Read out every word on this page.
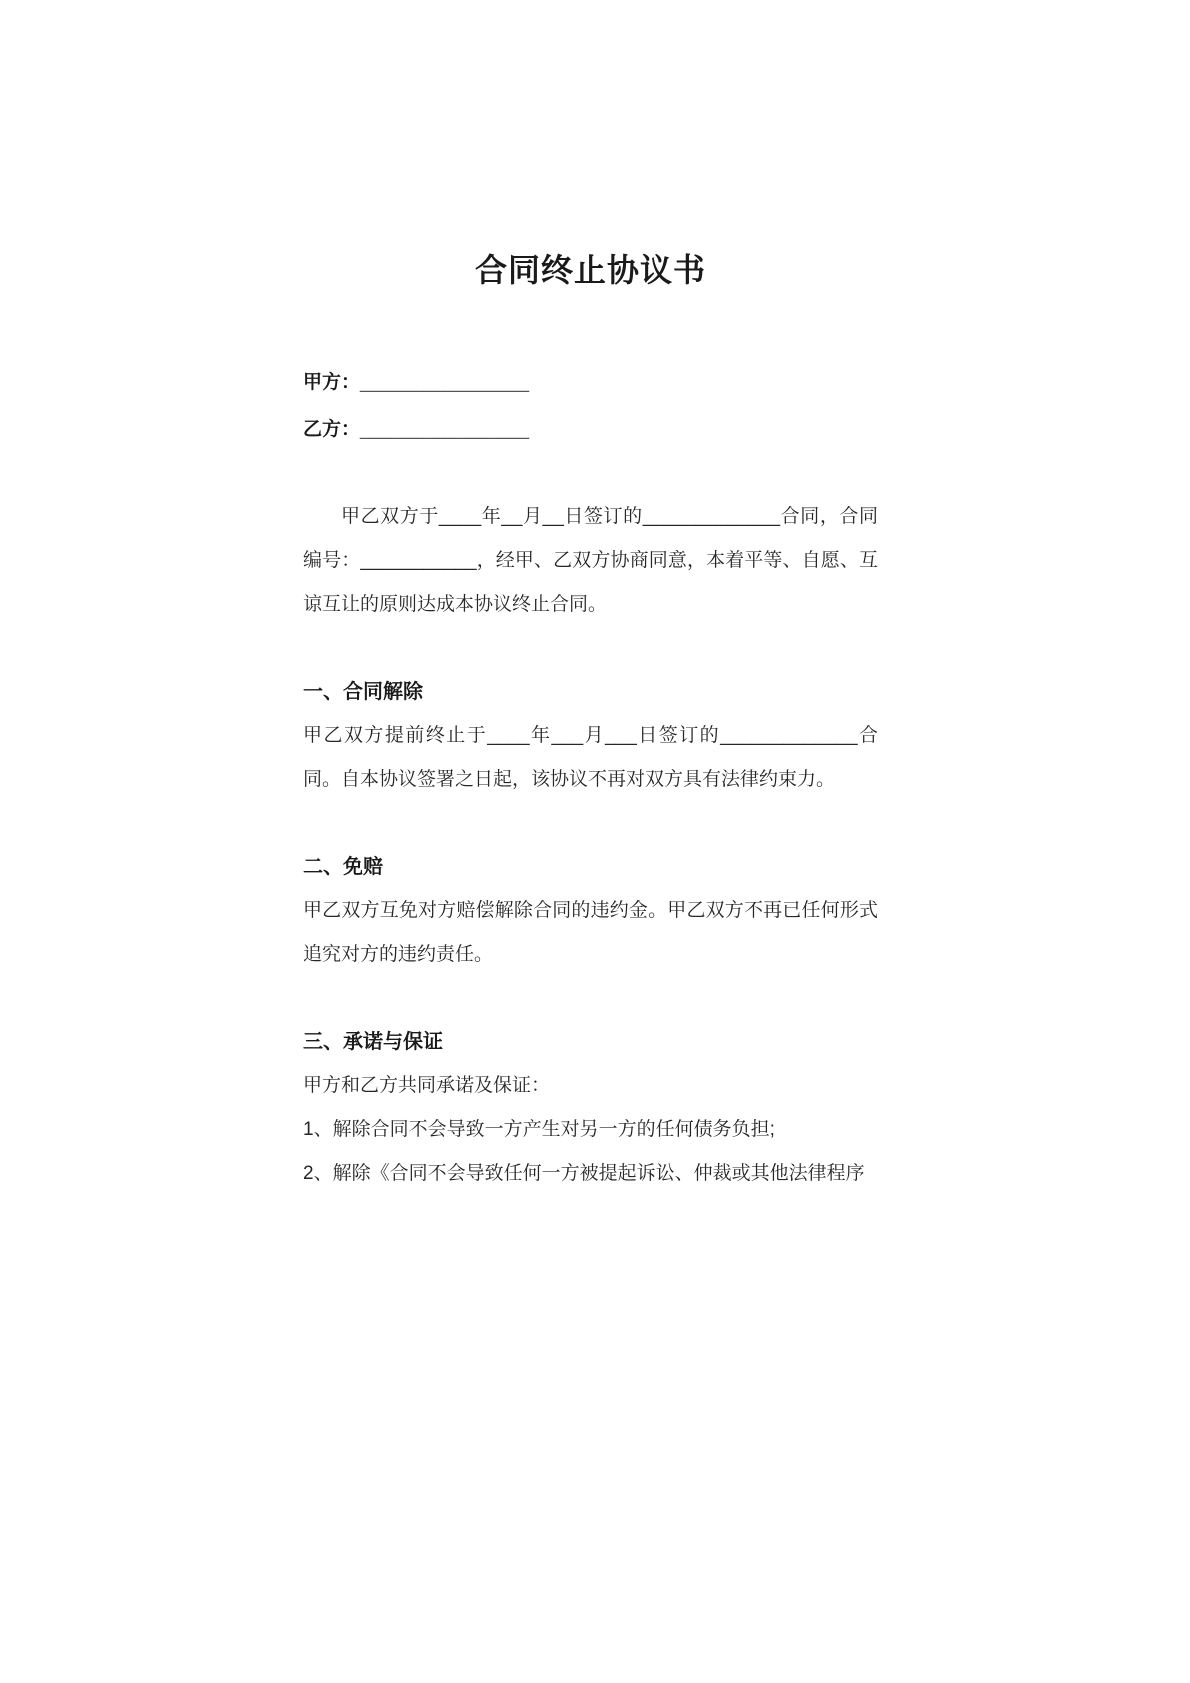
合同终止协议书

甲方：________________

乙方：________________

甲乙双方于____年__月__日签订的_____________合同，合同编号：___________，经甲、乙双方协商同意，本着平等、自愿、互谅互让的原则达成本协议终止合同。

一、合同解除

甲乙双方提前终止于____年___月___日签订的_____________合同。自本协议签署之日起，该协议不再对双方具有法律约束力。

二、免赔

甲乙双方互免对方赔偿解除合同的违约金。甲乙双方不再已任何形式追究对方的违约责任。

三、承诺与保证

甲方和乙方共同承诺及保证：

1、解除合同不会导致一方产生对另一方的任何债务负担;

2、解除《合同不会导致任何一方被提起诉讼、仲裁或其他法律程序
